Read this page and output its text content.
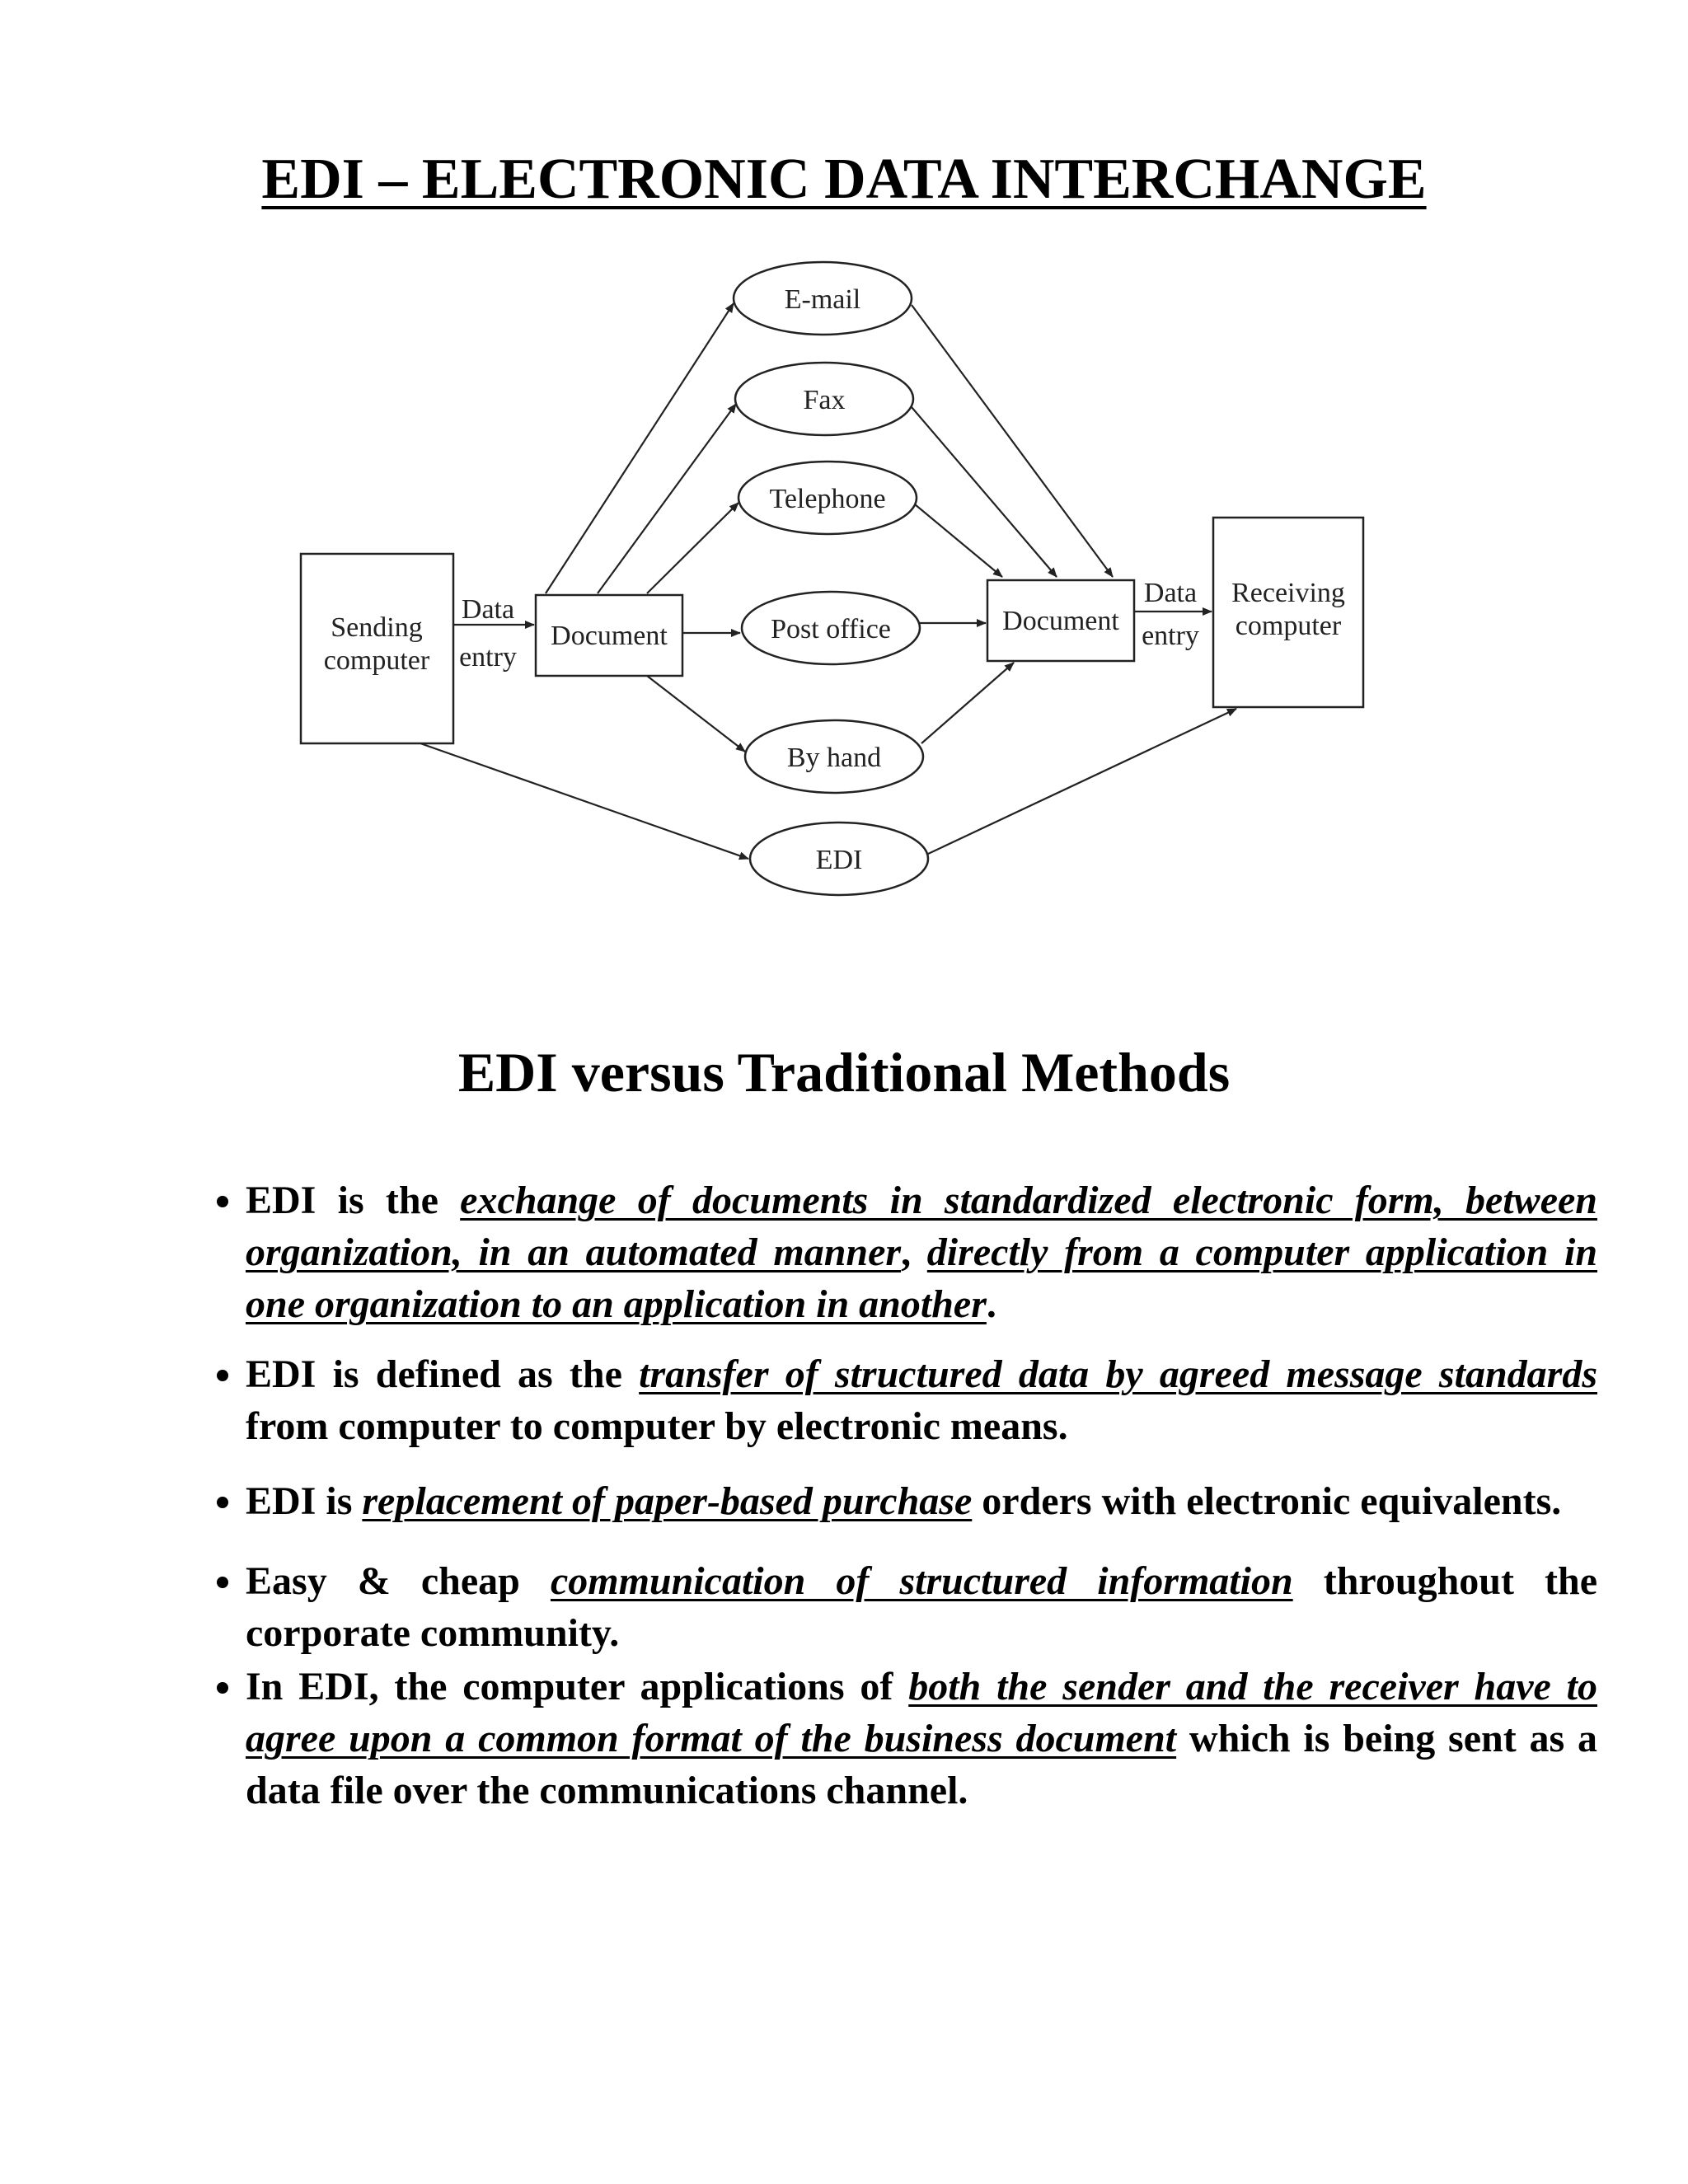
EDI – ELECTRONIC DATA INTERCHANGE
Sending
computer
Data
entry
Document
E-mail
Fax
Telephone
Post office
By hand
EDI
Document
Data
entry
Receiving
computer
EDI versus Traditional Methods
• EDI is the exchange of documents in standardized electronic form, between organization, in an automated manner, directly from a computer application in one organization to an application in another.
• EDI is defined as the transfer of structured data by agreed message standards from computer to computer by electronic means.
• EDI is replacement of paper-based purchase orders with electronic equivalents.
• Easy & cheap communication of structured information throughout the corporate community.
• In EDI, the computer applications of both the sender and the receiver have to agree upon a common format of the business document which is being sent as a data file over the communications channel.
